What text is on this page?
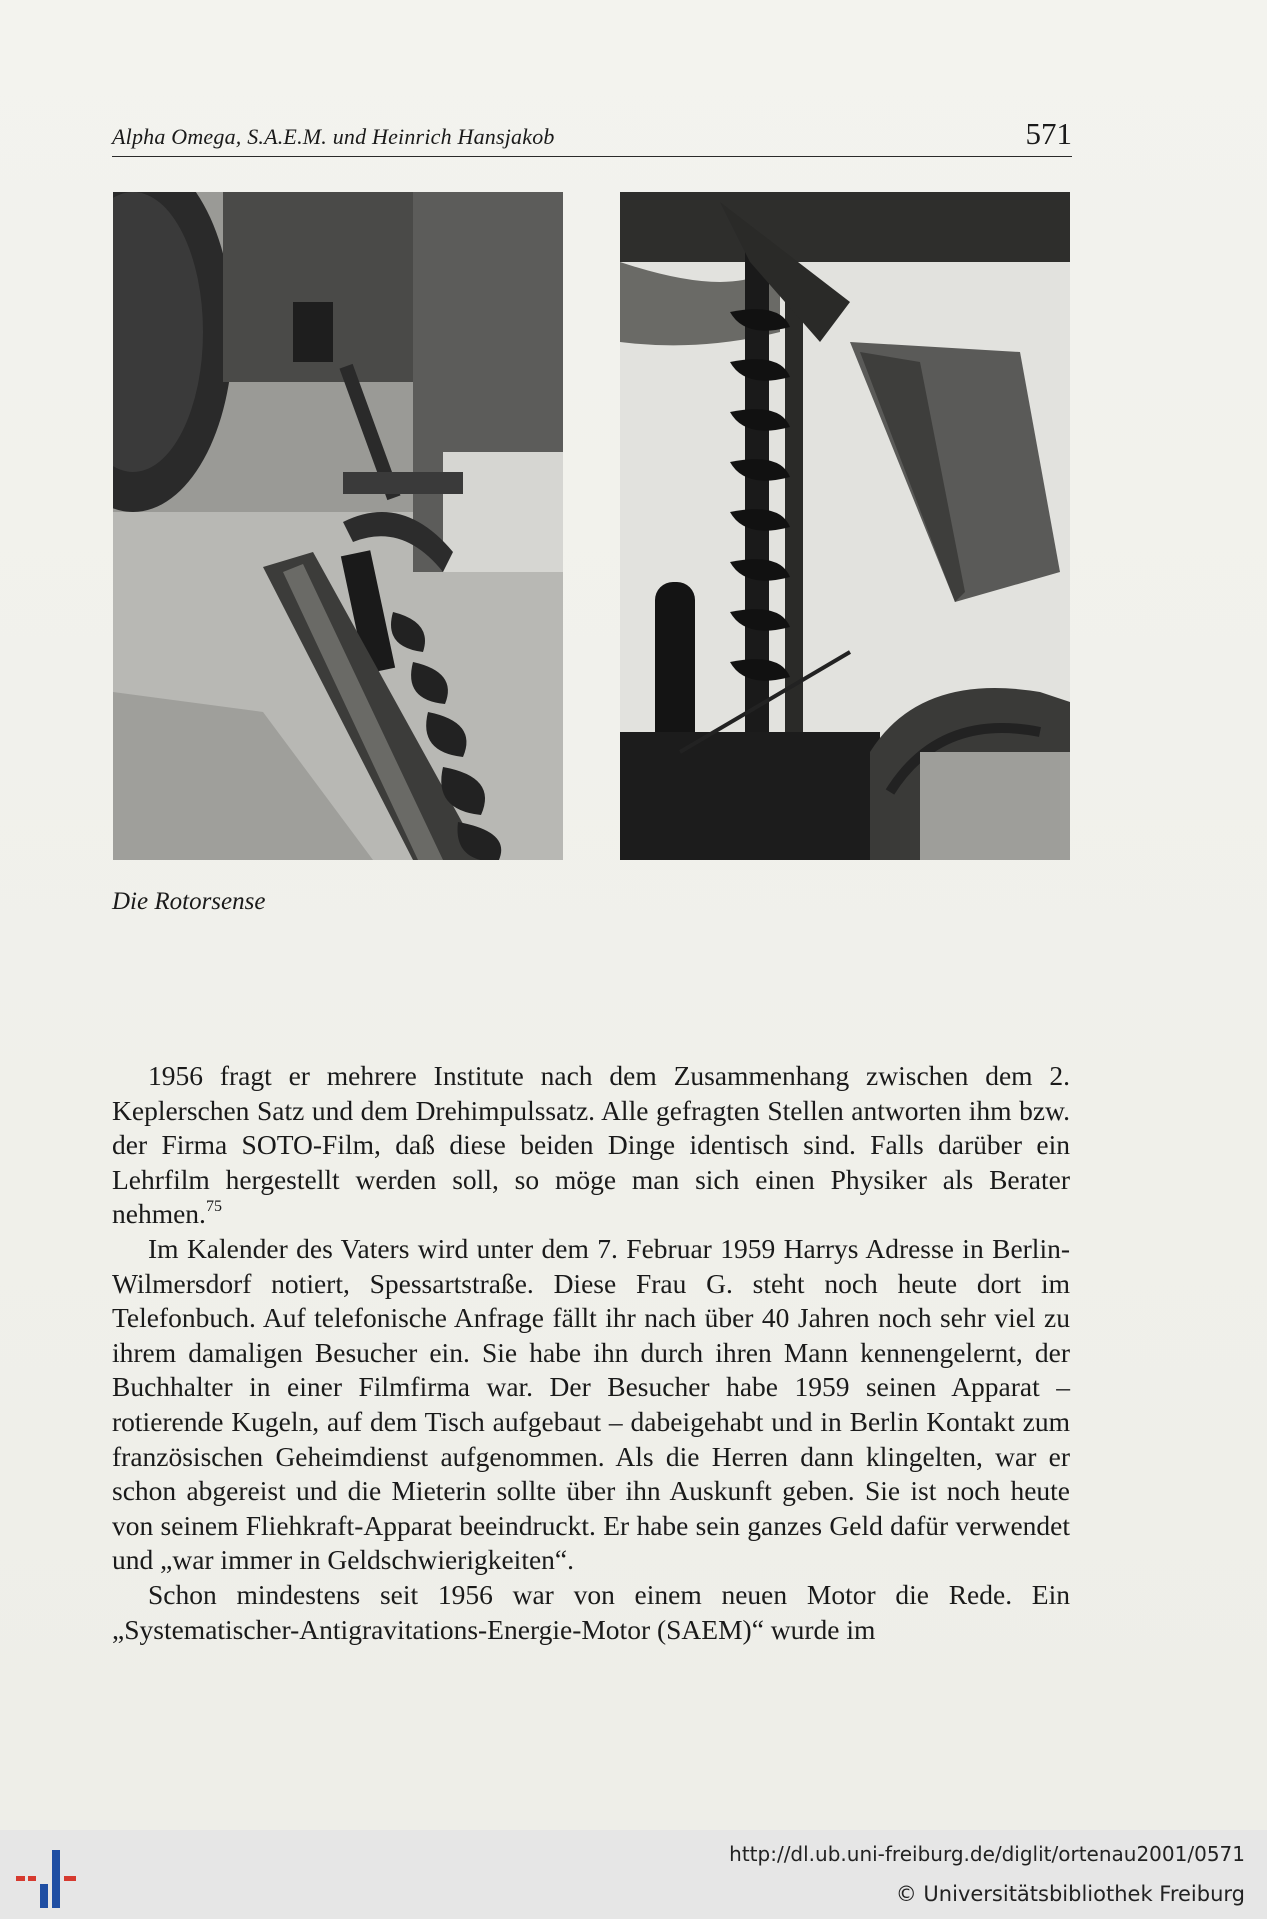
Alpha Omega, S.A.E.M. und Heinrich Hansjakob	571
Die Rotorsense

1956 fragt er mehrere Institute nach dem Zusammenhang zwischen dem 2. Keplerschen Satz und dem Drehimpulssatz. Alle gefragten Stellen antworten ihm bzw. der Firma SOTO-Film, daß diese beiden Dinge identisch sind. Falls darüber ein Lehrfilm hergestellt werden soll, so möge man sich einen Physiker als Berater nehmen.$^{75}$

Im Kalender des Vaters wird unter dem 7. Februar 1959 Harrys Adresse in Berlin-Wilmersdorf notiert, Spessartstraße. Diese Frau G. steht noch heute dort im Telefonbuch. Auf telefonische Anfrage fällt ihr nach über 40 Jahren noch sehr viel zu ihrem damaligen Besucher ein. Sie habe ihn durch ihren Mann kennengelernt, der Buchhalter in einer Filmfirma war. Der Besucher habe 1959 seinen Apparat – rotierende Kugeln, auf dem Tisch aufgebaut – dabeigehabt und in Berlin Kontakt zum französischen Geheimdienst aufgenommen. Als die Herren dann klingelten, war er schon abgereist und die Mieterin sollte über ihn Auskunft geben. Sie ist noch heute von seinem Fliehkraft-Apparat beeindruckt. Er habe sein ganzes Geld dafür verwendet und „war immer in Geldschwierigkeiten“.

Schon mindestens seit 1956 war von einem neuen Motor die Rede. Ein „Systematischer-Antigravitations-Energie-Motor (SAEM)“ wurde im

http://dl.ub.uni-freiburg.de/diglit/ortenau2001/0571
© Universitätsbibliothek Freiburg
